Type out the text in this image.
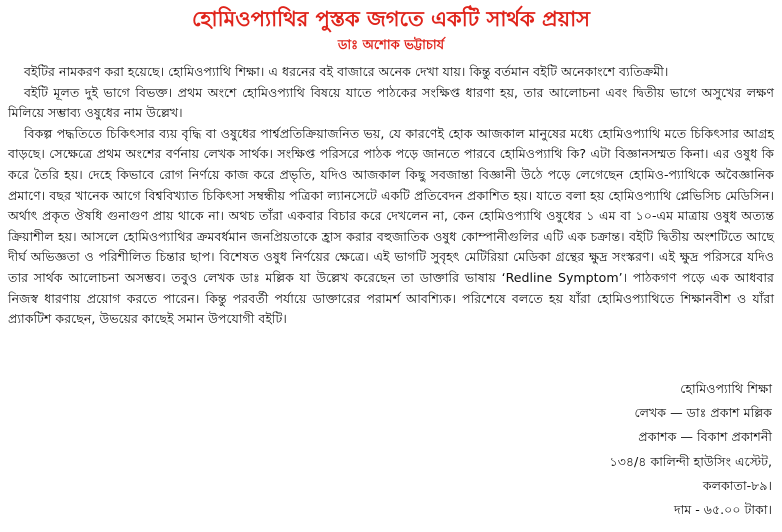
হোমিওপ্যাথির পুস্তক জগতে একটি সার্থক প্রয়াস
ডাঃ অশোক ভট্টাচার্য

বইটির নামকরণ করা হয়েছে। হোমিওপ্যাথি শিক্ষা। এ ধরনের বই বাজারে অনেক দেখা যায়। কিন্তু বর্তমান বইটি অনেকাংশে ব্যতিক্রমী।

বইটি মূলত দুই ভাগে বিভক্ত। প্রথম অংশে হোমিওপ্যাথি বিষয়ে যাতে পাঠকের সংক্ষিপ্ত ধারণা হয়, তার আলোচনা এবং দ্বিতীয় ভাগে অসুখের লক্ষণ মিলিয়ে সম্ভাব্য ওষুধের নাম উল্লেখ।

বিকল্প পদ্ধতিতে চিকিৎসার ব্যয় বৃদ্ধি বা ওষুধের পার্শ্বপ্রতিক্রিয়াজনিত ভয়, যে কারণেই হোক আজকাল মানুষের মধ্যে হোমিওপ্যাথি মতে চিকিৎসার আগ্রহ বাড়ছে। সেক্ষেত্রে প্রথম অংশের বর্ণনায় লেখক সার্থক। সংক্ষিপ্ত পরিসরে পাঠক পড়ে জানতে পারবে হোমিওপ্যাথি কি? এটা বিজ্ঞানসম্মত কিনা। এর ওষুধ কি করে তৈরি হয়। দেহে কিভাবে রোগ নির্ণয়ে কাজ করে প্রভৃতি, যদিও আজকাল কিছু সবজান্তা বিজ্ঞানী উঠে পড়ে লেগেছেন হোমিও-প্যাথিকে অবৈজ্ঞানিক প্রমাণে। বছর খানেক আগে বিশ্ববিখ্যাত চিকিৎসা সম্বন্ধীয় পত্রিকা ল্যানসেটে একটি প্রতিবেদন প্রকাশিত হয়। যাতে বলা হয় হোমিওপ্যাথি প্লেভিসিচ মেডিসিন। অর্থাৎ প্রকৃত ঔষধি গুনাগুণ প্রায় থাকে না। অথচ তাঁরা একবার বিচার করে দেখলেন না, কেন হোমিওপ্যাথি ওষুধের ১ এম বা ১০-এম মাত্রায় ওষুধ অত্যন্ত ক্রিয়াশীল হয়। আসলে হোমিওপ্যাথির ক্রমবর্ধমান জনপ্রিয়তাকে হ্রাস করার বহুজাতিক ওষুধ কোম্পানীগুলির এটি এক চক্রান্ত। বইটি দ্বিতীয় অংশটিতে আছে দীর্ঘ অভিজ্ঞতা ও পরিশীলিত চিন্তার ছাপ। বিশেষত ওষুধ নির্ণয়ের ক্ষেত্রে। এই ভাগটি সুবৃহৎ মেটিরিয়া মেডিকা গ্রন্থের ক্ষুদ্র সংস্করণ। এই ক্ষুদ্র পরিসরে যদিও তার সার্থক আলোচনা অসম্ভব। তবুও লেখক ডাঃ মল্লিক যা উল্লেখ করেছেন তা ডাক্তারি ভাষায় ‘Redline Symptom’। পাঠকগণ পড়ে এক আধবার নিজস্ব ধারণায় প্রয়োগ করতে পারেন। কিন্তু পরবর্তী পর্যায়ে ডাক্তারের পরামর্শ আবশ্যিক। পরিশেষে বলতে হয় যাঁরা হোমিওপ্যাথিতে শিক্ষানবীশ ও যাঁরা প্র্যাকটিশ করছেন, উভয়ের কাছেই সমান উপযোগী বইটি।

হোমিওপ্যাথি শিক্ষা
লেখক — ডাঃ প্রকাশ মল্লিক
প্রকাশক — বিকাশ প্রকাশনী
১৩৪/৪ কালিন্দী হাউসিং এস্টেট,
কলকাতা-৮৯।
দাম - ৬৫.০০ টাকা।
